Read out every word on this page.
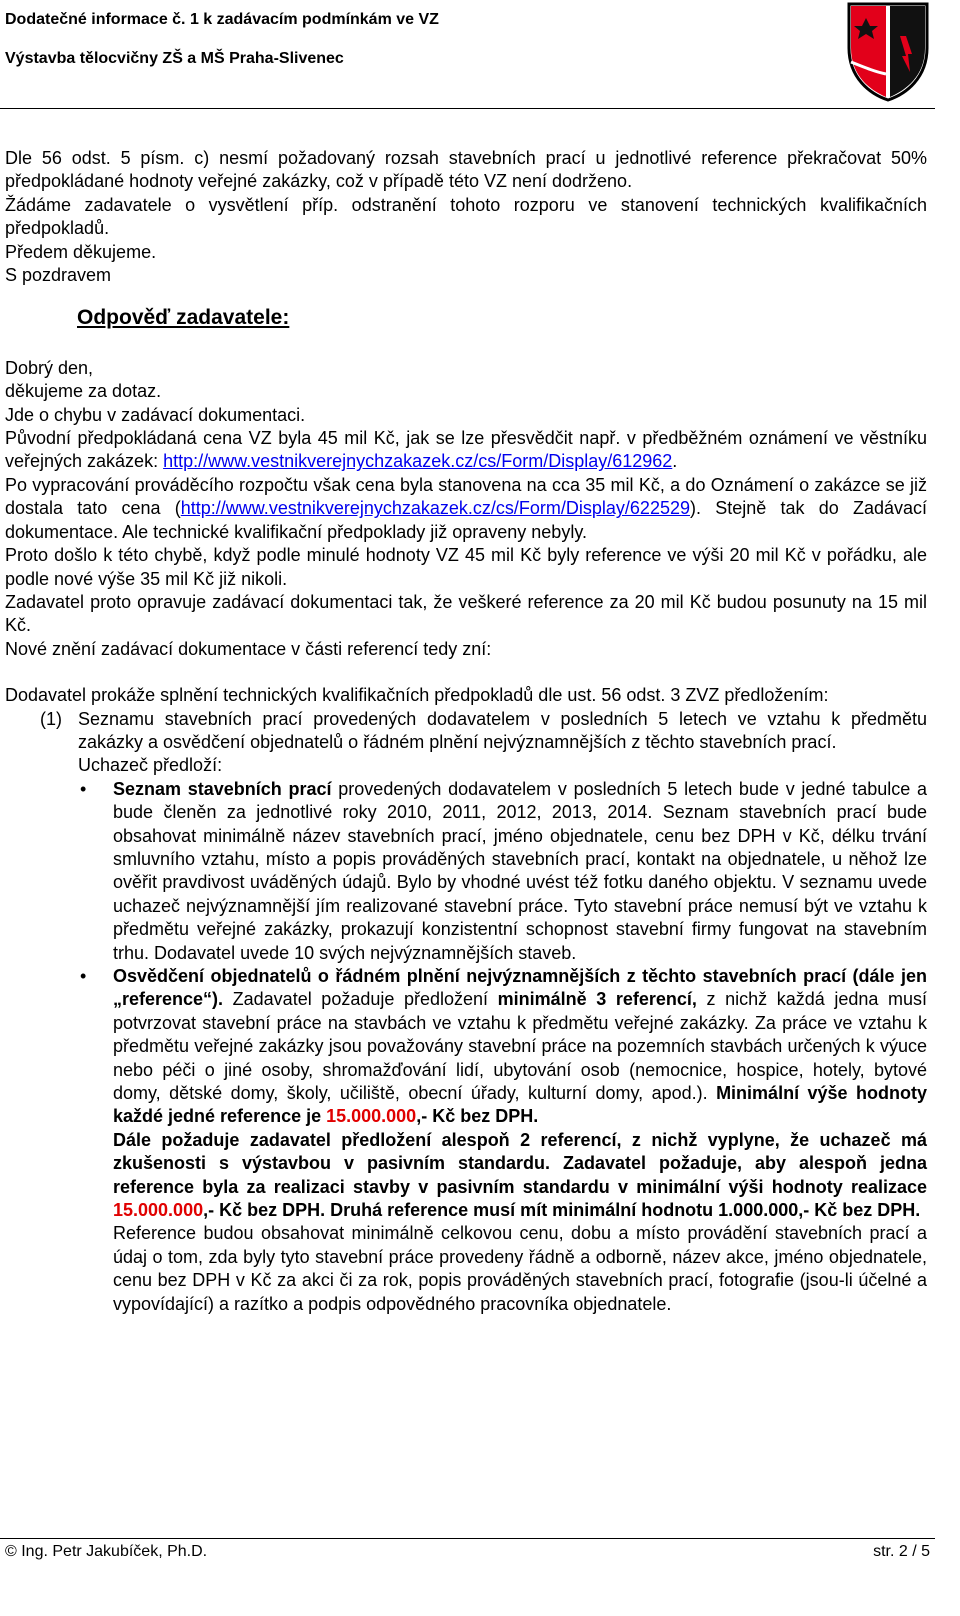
Dodatečné informace č. 1 k zadávacím podmínkám ve VZ
Výstavba tělocvičny ZŠ a MŠ Praha-Slivenec

Dle 56 odst. 5 písm. c) nesmí požadovaný rozsah stavebních prací u jednotlivé reference překračovat 50% předpokládané hodnoty veřejné zakázky, což v případě této VZ není dodrženo.

Žádáme zadavatele o vysvětlení příp. odstranění tohoto rozporu ve stanovení technických kvalifikačních předpokladů.

Předem děkujeme.

S pozdravem

Odpověď zadavatele:

Dobrý den,

děkujeme za dotaz.

Jde o chybu v zadávací dokumentaci.

Původní předpokládaná cena VZ byla 45 mil Kč, jak se lze přesvědčit např. v předběžném oznámení ve věstníku veřejných zakázek: http://www.vestnikverejnychzakazek.cz/cs/Form/Display/612962.

Po vypracování prováděcího rozpočtu však cena byla stanovena na cca 35 mil Kč, a do Oznámení o zakázce se již dostala tato cena (http://www.vestnikverejnychzakazek.cz/cs/Form/Display/622529). Stejně tak do Zadávací dokumentace. Ale technické kvalifikační předpoklady již opraveny nebyly.

Proto došlo k této chybě, když podle minulé hodnoty VZ 45 mil Kč byly reference ve výši 20 mil Kč v pořádku, ale podle nové výše 35 mil Kč již nikoli.

Zadavatel proto opravuje zadávací dokumentaci tak, že veškeré reference za 20 mil Kč budou posunuty na 15 mil Kč.

Nové znění zadávací dokumentace v části referencí tedy zní:

Dodavatel prokáže splnění technických kvalifikačních předpokladů dle ust. 56 odst. 3 ZVZ předložením:

(1) Seznamu stavebních prací provedených dodavatelem v posledních 5 letech ve vztahu k předmětu zakázky a osvědčení objednatelů o řádném plnění nejvýznamnějších z těchto stavebních prací.

Uchazeč předloží:

•	Seznam stavebních prací provedených dodavatelem v posledních 5 letech bude v jedné tabulce a bude členěn za jednotlivé roky 2010, 2011, 2012, 2013, 2014. Seznam stavebních prací bude obsahovat minimálně název stavebních prací, jméno objednatele, cenu bez DPH v Kč, délku trvání smluvního vztahu, místo a popis prováděných stavebních prací, kontakt na objednatele, u něhož lze ověřit pravdivost uváděných údajů. Bylo by vhodné uvést též fotku daného objektu. V seznamu uvede uchazeč nejvýznamnější jím realizované stavební práce. Tyto stavební práce nemusí být ve vztahu k předmětu veřejné zakázky, prokazují konzistentní schopnost stavební firmy fungovat na stavebním trhu. Dodavatel uvede 10 svých nejvýznamnějších staveb.
•	Osvědčení objednatelů o řádném plnění nejvýznamnějších z těchto stavebních prací (dále jen „reference“). Zadavatel požaduje předložení minimálně 3 referencí, z nichž každá jedna musí potvrzovat stavební práce na stavbách ve vztahu k předmětu veřejné zakázky. Za práce ve vztahu k předmětu veřejné zakázky jsou považovány stavební práce na pozemních stavbách určených k výuce nebo péči o jiné osoby, shromažďování lidí, ubytování osob (nemocnice, hospice, hotely, bytové domy, dětské domy, školy, učiliště, obecní úřady, kulturní domy, apod.). Minimální výše hodnoty každé jedné reference je 15.000.000,- Kč bez DPH.
Dále požaduje zadavatel předložení alespoň 2 referencí, z nichž vyplyne, že uchazeč má zkušenosti s výstavbou v pasivním standardu. Zadavatel požaduje, aby alespoň jedna reference byla za realizaci stavby v pasivním standardu v minimální výši hodnoty realizace 15.000.000,- Kč bez DPH. Druhá reference musí mít minimální hodnotu 1.000.000,- Kč bez DPH.
Reference budou obsahovat minimálně celkovou cenu, dobu a místo provádění stavebních prací a údaj o tom, zda byly tyto stavební práce provedeny řádně a odborně, název akce, jméno objednatele, cenu bez DPH v Kč za akci či za rok, popis prováděných stavebních prací, fotografie (jsou-li účelné a vypovídající) a razítko a podpis odpovědného pracovníka objednatele.
© Ing. Petr Jakubíček, Ph.D.	str. 2 / 5
